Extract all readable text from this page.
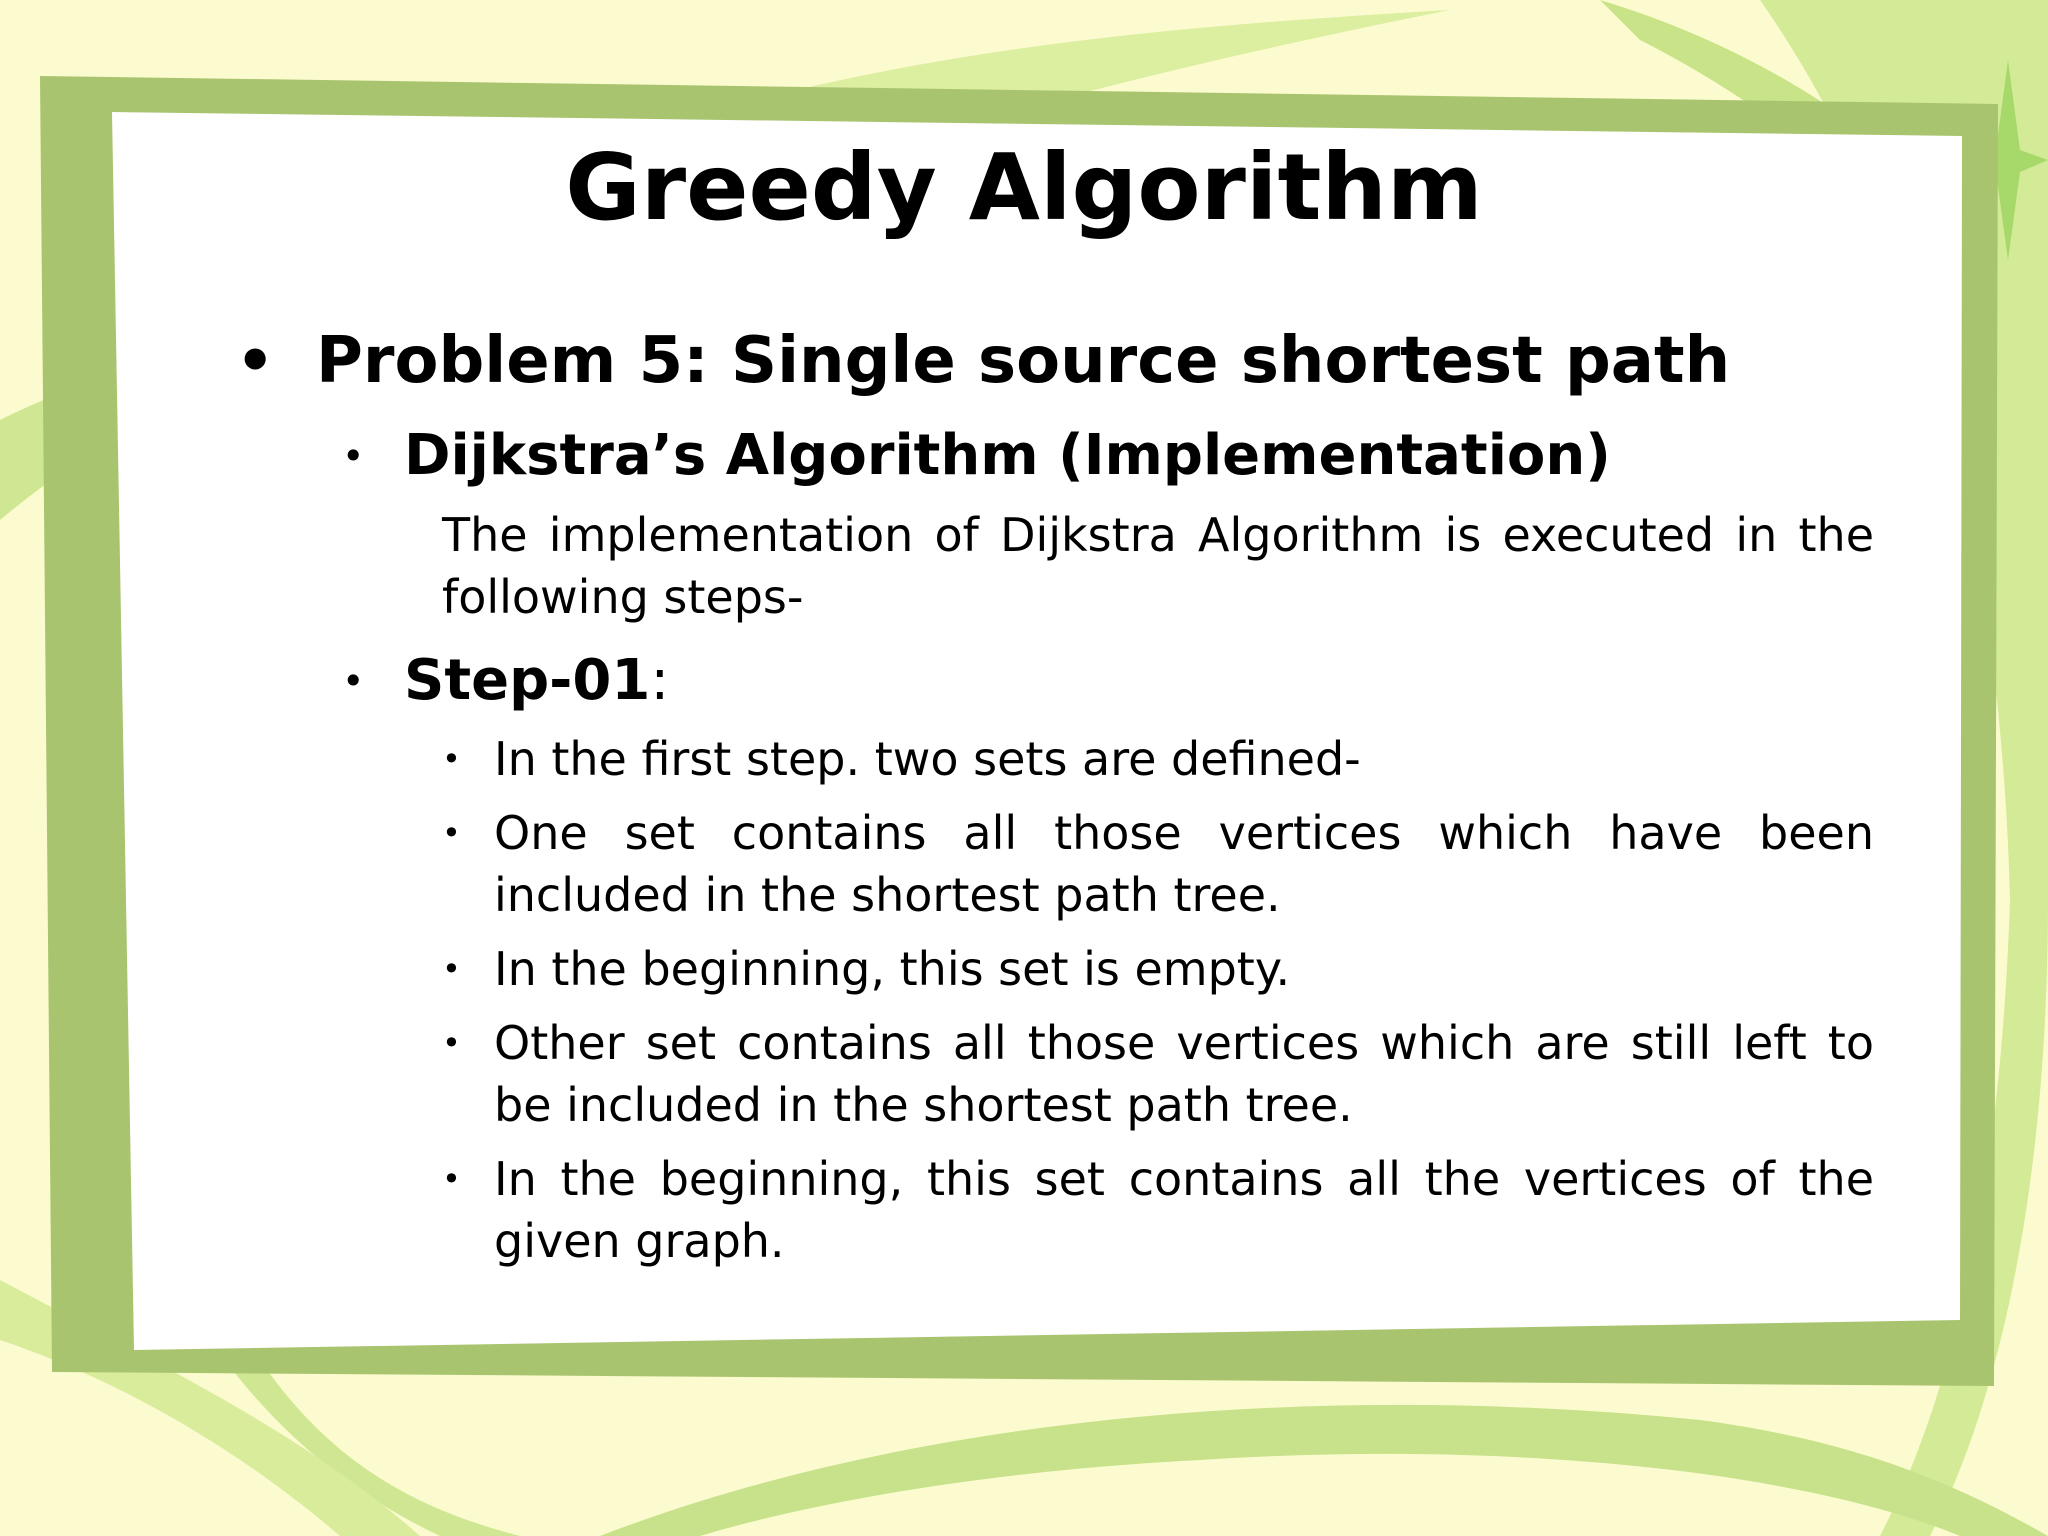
Greedy Algorithm
• Problem 5: Single source shortest path
• Dijkstra’s Algorithm (Implementation)
The implementation of Dijkstra Algorithm is executed in the following steps-
• Step-01:
• In the first step. two sets are defined-
• One set contains all those vertices which have been included in the shortest path tree.
• In the beginning, this set is empty.
• Other set contains all those vertices which are still left to be included in the shortest path tree.
• In the beginning, this set contains all the vertices of the given graph.
